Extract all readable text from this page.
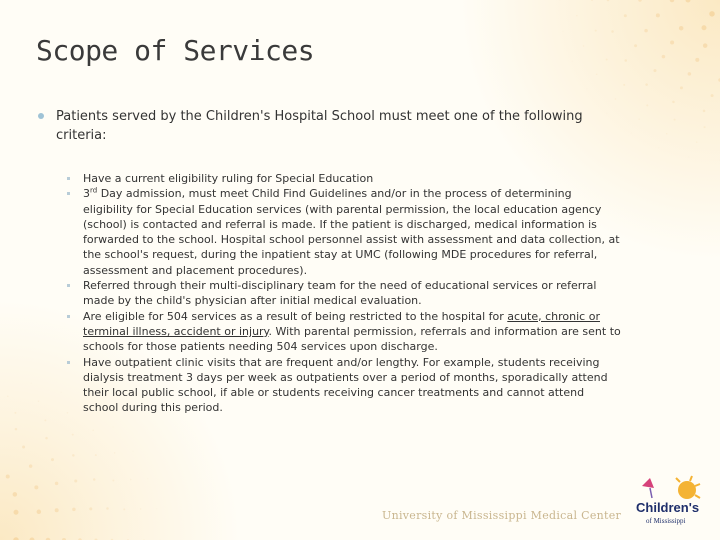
Scope of Services
Patients served by the Children's Hospital School must meet one of the following criteria:
Have a current eligibility ruling for Special Education
3rd Day admission, must meet Child Find Guidelines and/or in the process of determining eligibility for Special Education services (with parental permission, the local education agency (school) is contacted and referral is made. If the patient is discharged, medical information is forwarded to the school. Hospital school personnel assist with assessment and data collection, at the school's request, during the inpatient stay at UMC (following MDE procedures for referral, assessment and placement procedures).
Referred through their multi-disciplinary team for the need of educational services or referral made by the child's physician after initial medical evaluation.
Are eligible for 504 services as a result of being restricted to the hospital for acute, chronic or terminal illness, accident or injury. With parental permission, referrals and information are sent to schools for those patients needing 504 services upon discharge.
Have outpatient clinic visits that are frequent and/or lengthy. For example, students receiving dialysis treatment 3 days per week as outpatients over a period of months, sporadically attend their local public school, if able or students receiving cancer treatments and cannot attend school during this period.
University of Mississippi Medical Center
Children's
of Mississippi
